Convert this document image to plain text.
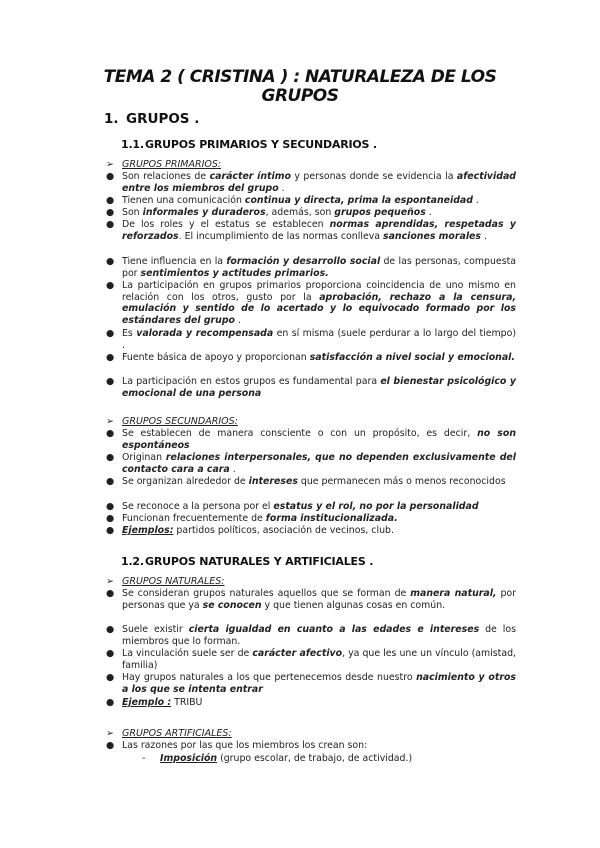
TEMA 2 ( CRISTINA ) : NATURALEZA DE LOS GRUPOS
1. GRUPOS .
1.1.GRUPOS PRIMARIOS Y SECUNDARIOS .
➢ GRUPOS PRIMARIOS:
● Son relaciones de carácter íntimo y personas donde se evidencia la afectividad entre los miembros del grupo .
● Tienen una comunicación continua y directa, prima la espontaneidad .
● Son informales y duraderos, además, son grupos pequeños .
● De los roles y el estatus se establecen normas aprendidas, respetadas y reforzados. El incumplimiento de las normas conlleva sanciones morales .
● Tiene influencia en la formación y desarrollo social de las personas, compuesta por sentimientos y actitudes primarios.
● La participación en grupos primarios proporciona coincidencia de uno mismo en relación con los otros, gusto por la aprobación, rechazo a la censura, emulación y sentido de lo acertado y lo equivocado formado por los estándares del grupo .
● Es valorada y recompensada en sí misma (suele perdurar a lo largo del tiempo) .
● Fuente básica de apoyo y proporcionan satisfacción a nivel social y emocional.
● La participación en estos grupos es fundamental para el bienestar psicológico y emocional de una persona
➢ GRUPOS SECUNDARIOS:
● Se establecen de manera consciente o con un propósito, es decir, no son espontáneos
● Originan relaciones interpersonales, que no dependen exclusivamente del contacto cara a cara .
● Se organizan alrededor de intereses que permanecen más o menos reconocidos
● Se reconoce a la persona por el estatus y el rol, no por la personalidad
● Funcionan frecuentemente de forma institucionalizada.
● Ejemplos: partidos políticos, asociación de vecinos, club.
1.2.GRUPOS NATURALES Y ARTIFICIALES .
➢ GRUPOS NATURALES:
● Se consideran grupos naturales aquellos que se forman de manera natural, por personas que ya se conocen y que tienen algunas cosas en común.
● Suele existir cierta igualdad en cuanto a las edades e intereses de los miembros que lo forman.
● La vinculación suele ser de carácter afectivo, ya que les une un vínculo (amistad, familia)
● Hay grupos naturales a los que pertenecemos desde nuestro nacimiento y otros a los que se intenta entrar
● Ejemplo : TRIBU
➢ GRUPOS ARTIFICIALES:
● Las razones por las que los miembros los crean son:
- Imposición (grupo escolar, de trabajo, de actividad.)
